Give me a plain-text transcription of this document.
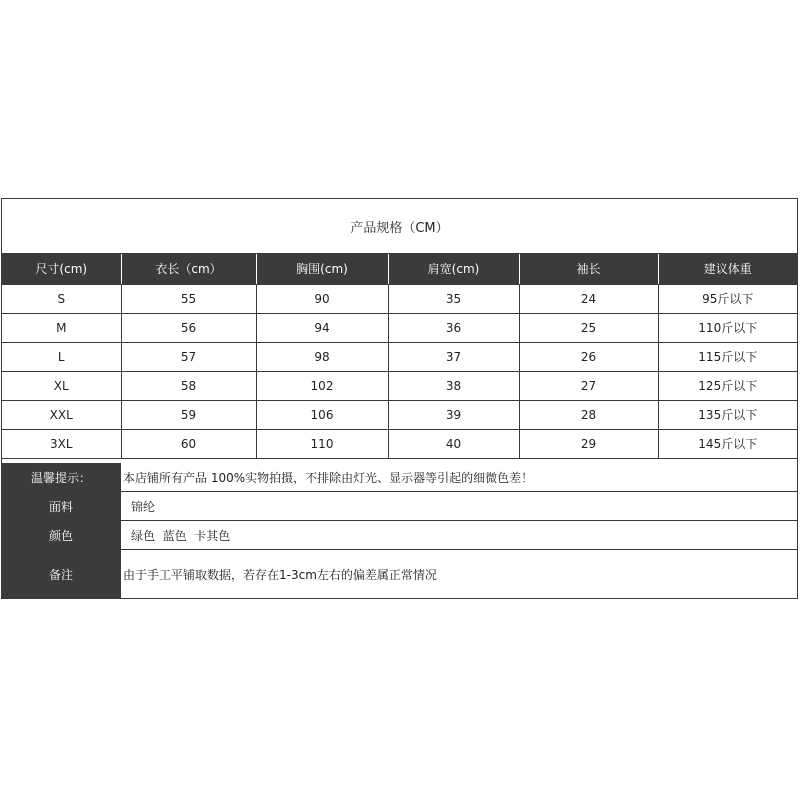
产品规格（CM）
尺寸(cm)	衣长（cm）	胸围(cm)	肩宽(cm)	袖长	建议体重
S	55	90	35	24	95斤以下
M	56	94	36	25	110斤以下
L	57	98	37	26	115斤以下
XL	58	102	38	27	125斤以下
XXL	59	106	39	28	135斤以下
3XL	60	110	40	29	145斤以下
温馨提示：	本店铺所有产品 100%实物拍摄，不排除由灯光、显示器等引起的细微色差！
面料	锦纶
颜色	绿色  蓝色  卡其色
备注	由于手工平铺取数据，若存在1-3cm左右的偏差属正常情况
